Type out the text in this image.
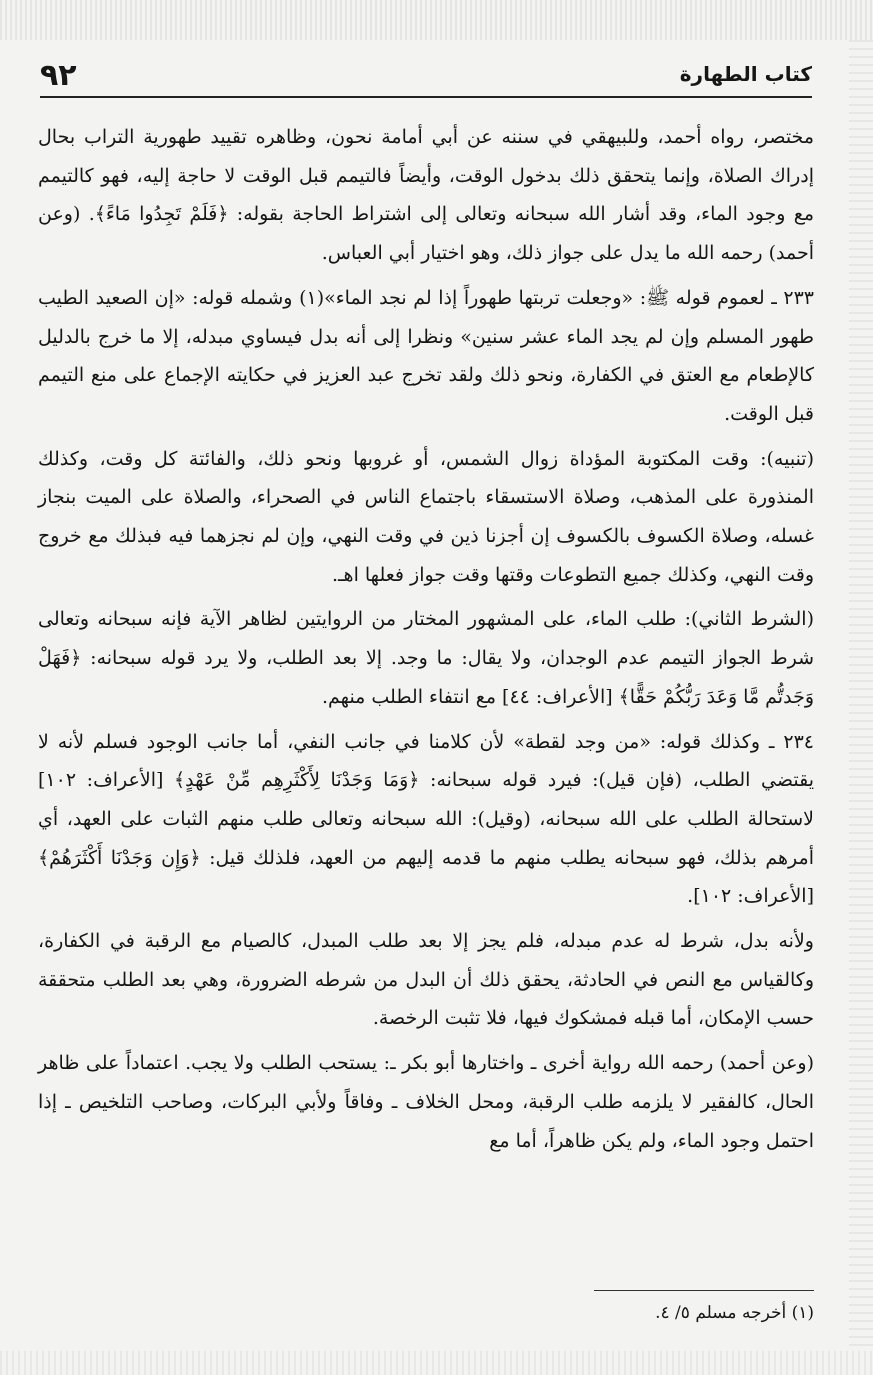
٩٢	كتاب الطهارة

مختصر، رواه أحمد، وللبيهقي في سننه عن أبي أمامة نحون، وظاهره تقييد طهورية التراب بحال إدراك الصلاة، وإنما يتحقق ذلك بدخول الوقت، وأيضاً فالتيمم قبل الوقت لا حاجة إليه، فهو كالتيمم مع وجود الماء، وقد أشار الله سبحانه وتعالى إلى اشتراط الحاجة بقوله: ﴿فَلَمْ تَجِدُوا مَاءً﴾. (وعن أحمد) رحمه الله ما يدل على جواز ذلك، وهو اختيار أبي العباس.

٢٣٣ ـ لعموم قوله ﷺ: «وجعلت تربتها طهوراً إذا لم نجد الماء»(١) وشمله قوله: «إن الصعيد الطيب طهور المسلم وإن لم يجد الماء عشر سنين» ونظرا إلى أنه بدل فيساوي مبدله، إلا ما خرج بالدليل كالإطعام مع العتق في الكفارة، ونحو ذلك ولقد تخرج عبد العزيز في حكايته الإجماع على منع التيمم قبل الوقت.

(تنبيه): وقت المكتوبة المؤداة زوال الشمس، أو غروبها ونحو ذلك، والفائتة كل وقت، وكذلك المنذورة على المذهب، وصلاة الاستسقاء باجتماع الناس في الصحراء، والصلاة على الميت بنجاز غسله، وصلاة الكسوف بالكسوف إن أجزنا ذين في وقت النهي، وإن لم نجزهما فيه فبذلك مع خروج وقت النهي، وكذلك جميع التطوعات وقتها وقت جواز فعلها اهـ.

(الشرط الثاني): طلب الماء، على المشهور المختار من الروايتين لظاهر الآية فإنه سبحانه وتعالى شرط الجواز التيمم عدم الوجدان، ولا يقال: ما وجد. إلا بعد الطلب، ولا يرد قوله سبحانه: ﴿فَهَلْ وَجَدتُّم مَّا وَعَدَ رَبُّكُمْ حَقًّا﴾ [الأعراف: ٤٤] مع انتفاء الطلب منهم.

٢٣٤ ـ وكذلك قوله: «من وجد لقطة» لأن كلامنا في جانب النفي، أما جانب الوجود فسلم لأنه لا يقتضي الطلب، (فإن قيل): فيرد قوله سبحانه: ﴿وَمَا وَجَدْنَا لِأَكْثَرِهِم مِّنْ عَهْدٍ﴾ [الأعراف: ١٠٢] لاستحالة الطلب على الله سبحانه، (وقيل): الله سبحانه وتعالى طلب منهم الثبات على العهد، أي أمرهم بذلك، فهو سبحانه يطلب منهم ما قدمه إليهم من العهد، فلذلك قيل: ﴿وَإِن وَجَدْنَا أَكْثَرَهُمْ﴾ [الأعراف: ١٠٢].

ولأنه بدل، شرط له عدم مبدله، فلم يجز إلا بعد طلب المبدل، كالصيام مع الرقبة في الكفارة، وكالقياس مع النص في الحادثة، يحقق ذلك أن البدل من شرطه الضرورة، وهي بعد الطلب متحققة حسب الإمكان، أما قبله فمشكوك فيها، فلا تثبت الرخصة.

(وعن أحمد) رحمه الله رواية أخرى ـ واختارها أبو بكر ـ: يستحب الطلب ولا يجب. اعتماداً على ظاهر الحال، كالفقير لا يلزمه طلب الرقبة، ومحل الخلاف ـ وفاقاً ولأبي البركات، وصاحب التلخيص ـ إذا احتمل وجود الماء، ولم يكن ظاهراً، أما مع

(١) أخرجه مسلم ٥/ ٤.
